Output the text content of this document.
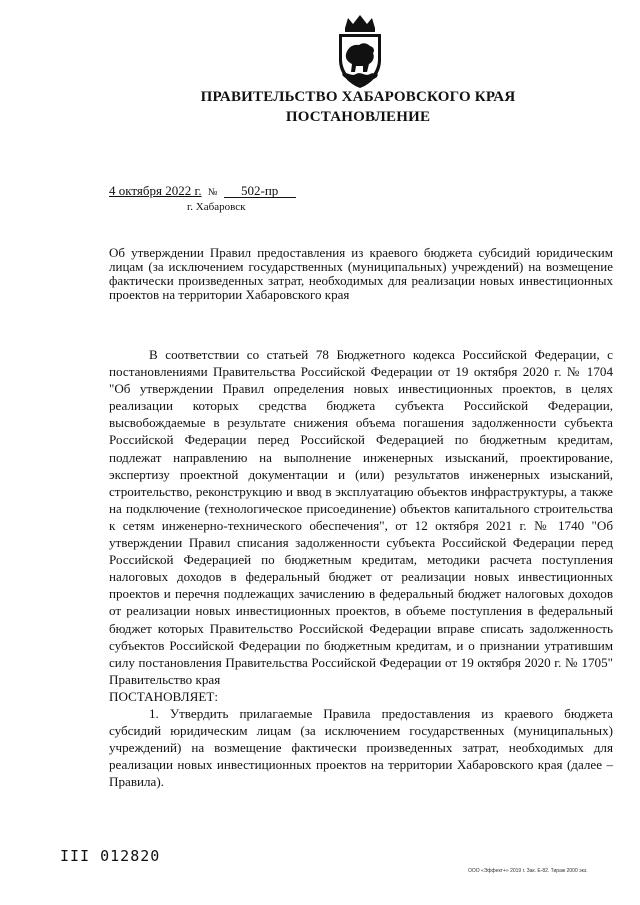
ПРАВИТЕЛЬСТВО ХАБАРОВСКОГО КРАЯ
ПОСТАНОВЛЕНИЕ
4 октября 2022 г. № 502-пр
г. Хабаровск
Об утверждении Правил предоставления из краевого бюджета субсидий юридическим лицам (за исключением государственных (муниципальных) учреждений) на возмещение фактически произведенных затрат, необходимых для реализации новых инвестиционных проектов на территории Хабаровского края

В соответствии со статьей 78 Бюджетного кодекса Российской Федерации, с постановлениями Правительства Российской Федерации от 19 октября 2020 г. № 1704 "Об утверждении Правил определения новых инвестиционных проектов, в целях реализации которых средства бюджета субъекта Российской Федерации, высвобождаемые в результате снижения объема погашения задолженности субъекта Российской Федерации перед Российской Федерацией по бюджетным кредитам, подлежат направлению на выполнение инженерных изысканий, проектирование, экспертизу проектной документации и (или) результатов инженерных изысканий, строительство, реконструкцию и ввод в эксплуатацию объектов инфраструктуры, а также на подключение (технологическое присоединение) объектов капитального строительства к сетям инженерно-технического обеспечения", от 12 октября 2021 г. № 1740 "Об утверждении Правил списания задолженности субъекта Российской Федерации перед Российской Федерацией по бюджетным кредитам, методики расчета поступления налоговых доходов в федеральный бюджет от реализации новых инвестиционных проектов и перечня подлежащих зачислению в федеральный бюджет налоговых доходов от реализации новых инвестиционных проектов, в объеме поступления в федеральный бюджет которых Правительство Российской Федерации вправе списать задолженность субъектов Российской Федерации по бюджетным кредитам, и о признании утратившим силу постановления Правительства Российской Федерации от 19 октября 2020 г. № 1705" Правительство края

ПОСТАНОВЛЯЕТ:

1. Утвердить прилагаемые Правила предоставления из краевого бюджета субсидий юридическим лицам (за исключением государственных (муниципальных) учреждений) на возмещение фактически произведенных затрат, необходимых для реализации новых инвестиционных проектов на территории Хабаровского края (далее – Правила).

III 012820
ООО «Эффект+» 2019 г. Зак. Е-82. Тираж 2000 экз.
